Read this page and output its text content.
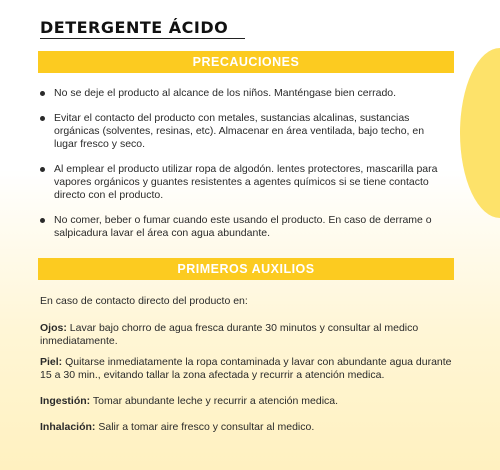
DETERGENTE ÁCIDO
PRECAUCIONES
No se deje el producto al alcance de los niños. Manténgase bien cerrado.
Evitar el contacto del producto con metales, sustancias alcalinas, sustancias orgánicas (solventes, resinas, etc). Almacenar en área ventilada, bajo techo, en lugar fresco y seco.
Al emplear el producto utilizar ropa de algodón. lentes protectores, mascarilla para vapores orgánicos y guantes resistentes a agentes químicos si se tiene contacto directo con el producto.
No comer, beber o fumar cuando este usando el producto. En caso de derrame o salpicadura lavar el área con agua abundante.
PRIMEROS AUXILIOS

En caso de contacto directo del producto en:

Ojos: Lavar bajo chorro de agua fresca durante 30 minutos y consultar al medico inmediatamente.

Piel: Quitarse inmediatamente la ropa contaminada y lavar con abundante agua durante 15 a 30 min., evitando tallar la zona afectada y recurrir a atención medica.

Ingestión: Tomar abundante leche y recurrir a atención medica.

Inhalación: Salir a tomar aire fresco y consultar al medico.
